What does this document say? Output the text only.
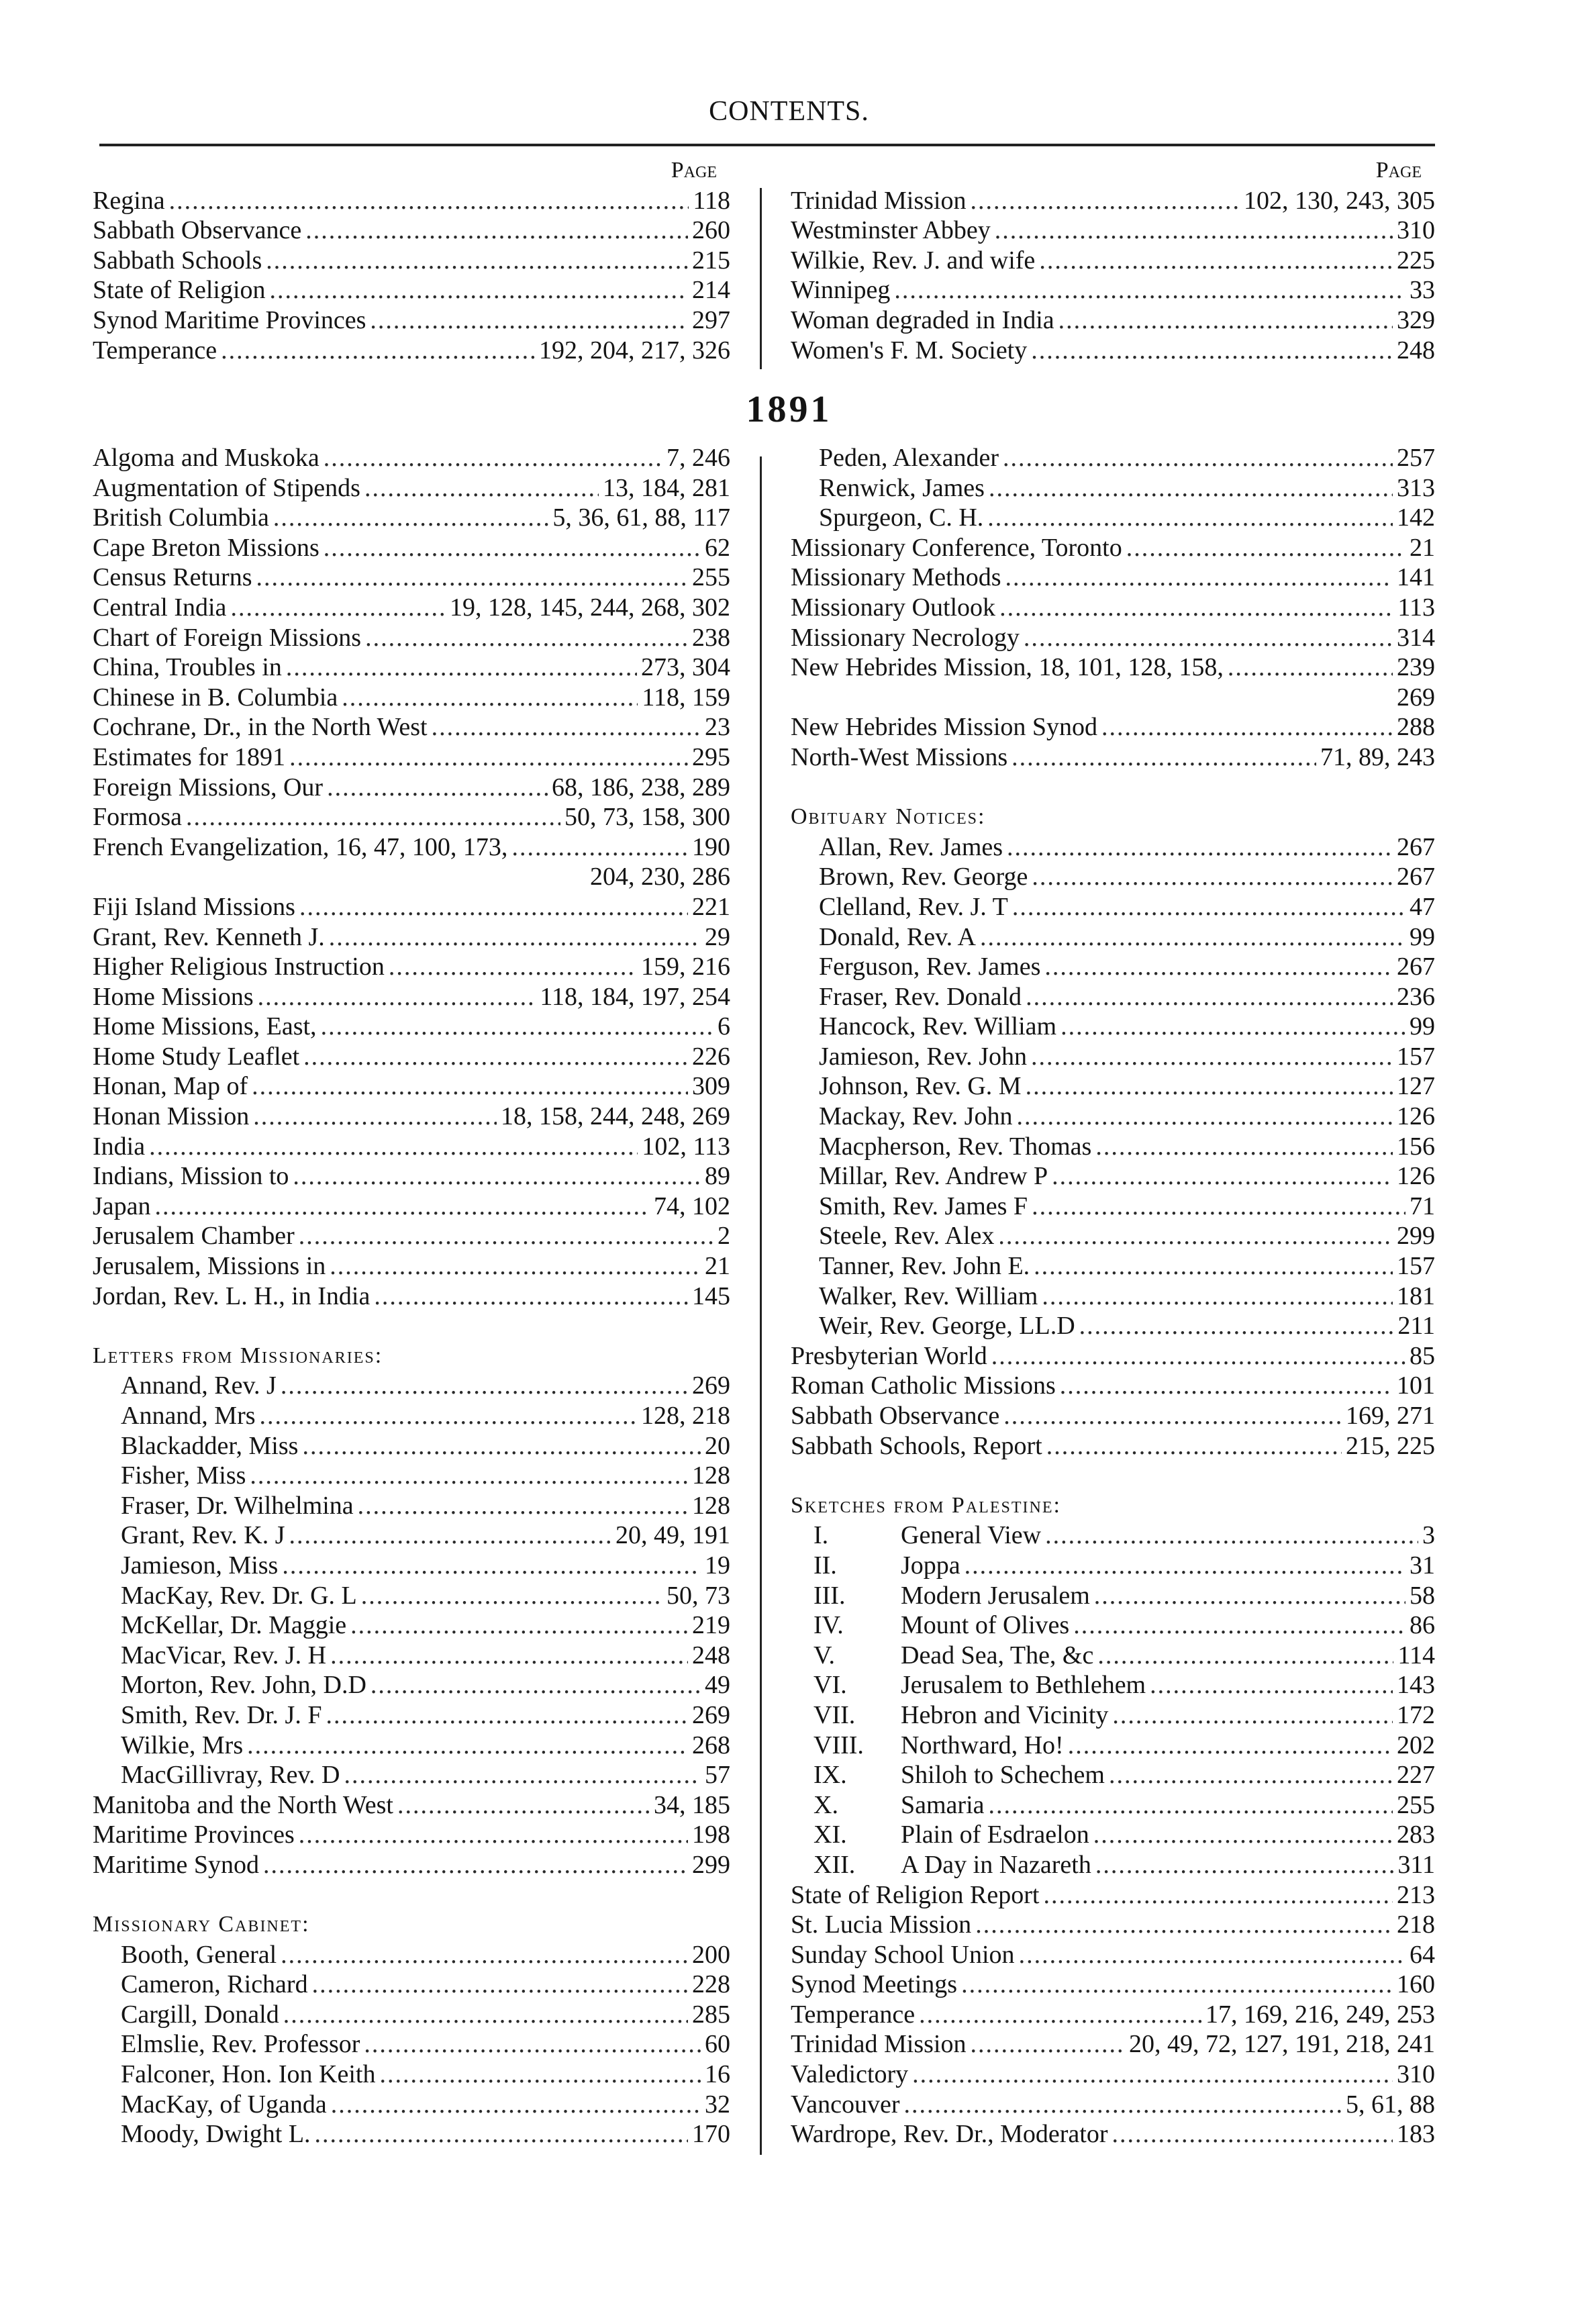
CONTENTS.
Page
Regina .....	118
Sabbath Observance .....	260
Sabbath Schools .....	215
State of Religion .....	214
Synod Maritime Provinces .....	297
Temperance .....	192, 204, 217, 326
Page
Trinidad Mission .....	102, 130, 243, 305
Westminster Abbey .....	310
Wilkie, Rev. J. and wife .....	225
Winnipeg .....	33
Woman degraded in India .....	329
Women's F. M. Society .....	248
1891
Algoma and Muskoka .....	7, 246
Augmentation of Stipends .....	13, 184, 281
British Columbia .....	5, 36, 61, 88, 117
Cape Breton Missions .....	62
Census Returns .....	255
Central India .....	19, 128, 145, 244, 268, 302
Chart of Foreign Missions .....	238
China, Troubles in .....	273, 304
Chinese in B. Columbia .....	118, 159
Cochrane, Dr., in the North West .....	23
Estimates for 1891 .....	295
Foreign Missions, Our .....	68, 186, 238, 289
Formosa .....	50, 73, 158, 300
French Evangelization, 16, 47, 100, 173, .....	190
204, 230, 286
Fiji Island Missions .....	221
Grant, Rev. Kenneth J. .....	29
Higher Religious Instruction .....	159, 216
Home Missions .....	118, 184, 197, 254
Home Missions, East, .....	6
Home Study Leaflet .....	226
Honan, Map of .....	309
Honan Mission .....	18, 158, 244, 248, 269
India .....	102, 113
Indians, Mission to .....	89
Japan .....	74, 102
Jerusalem Chamber .....	2
Jerusalem, Missions in .....	21
Jordan, Rev. L. H., in India .....	145
Letters from Missionaries:
Annand, Rev. J .....	269
Annand, Mrs .....	128, 218
Blackadder, Miss .....	20
Fisher, Miss .....	128
Fraser, Dr. Wilhelmina .....	128
Grant, Rev. K. J .....	20, 49, 191
Jamieson, Miss .....	19
MacKay, Rev. Dr. G. L .....	50, 73
McKellar, Dr. Maggie .....	219
MacVicar, Rev. J. H .....	248
Morton, Rev. John, D.D .....	49
Smith, Rev. Dr. J. F .....	269
Wilkie, Mrs .....	268
MacGillivray, Rev. D .....	57
Manitoba and the North West .....	34, 185
Maritime Provinces .....	198
Maritime Synod .....	299
Missionary Cabinet:
Booth, General .....	200
Cameron, Richard .....	228
Cargill, Donald .....	285
Elmslie, Rev. Professor .....	60
Falconer, Hon. Ion Keith .....	16
MacKay, of Uganda .....	32
Moody, Dwight L. .....	170
Peden, Alexander .....	257
Renwick, James .....	313
Spurgeon, C. H. .....	142
Missionary Conference, Toronto .....	21
Missionary Methods .....	141
Missionary Outlook .....	113
Missionary Necrology .....	314
New Hebrides Mission, 18, 101, 128, 158, .....	239
269
New Hebrides Mission Synod .....	288
North-West Missions .....	71, 89, 243
Obituary Notices:
Allan, Rev. James .....	267
Brown, Rev. George .....	267
Clelland, Rev. J. T .....	47
Donald, Rev. A .....	99
Ferguson, Rev. James .....	267
Fraser, Rev. Donald .....	236
Hancock, Rev. William .....	99
Jamieson, Rev. John .....	157
Johnson, Rev. G. M .....	127
Mackay, Rev. John .....	126
Macpherson, Rev. Thomas .....	156
Millar, Rev. Andrew P .....	126
Smith, Rev. James F .....	71
Steele, Rev. Alex .....	299
Tanner, Rev. John E. .....	157
Walker, Rev. William .....	181
Weir, Rev. George, LL.D .....	211
Presbyterian World .....	85
Roman Catholic Missions .....	101
Sabbath Observance .....	169, 271
Sabbath Schools, Report .....	215, 225
Sketches from Palestine:
I.	General View .....	3
II.	Joppa .....	31
III.	Modern Jerusalem .....	58
IV.	Mount of Olives .....	86
V.	Dead Sea, The, &c .....	114
VI.	Jerusalem to Bethlehem .....	143
VII.	Hebron and Vicinity .....	172
VIII.	Northward, Ho! .....	202
IX.	Shiloh to Schechem .....	227
X.	Samaria .....	255
XI.	Plain of Esdraelon .....	283
XII.	A Day in Nazareth .....	311
State of Religion Report .....	213
St. Lucia Mission .....	218
Sunday School Union .....	64
Synod Meetings .....	160
Temperance .....	17, 169, 216, 249, 253
Trinidad Mission .....	20, 49, 72, 127, 191, 218, 241
Valedictory .....	310
Vancouver .....	5, 61, 88
Wardrope, Rev. Dr., Moderator .....	183
